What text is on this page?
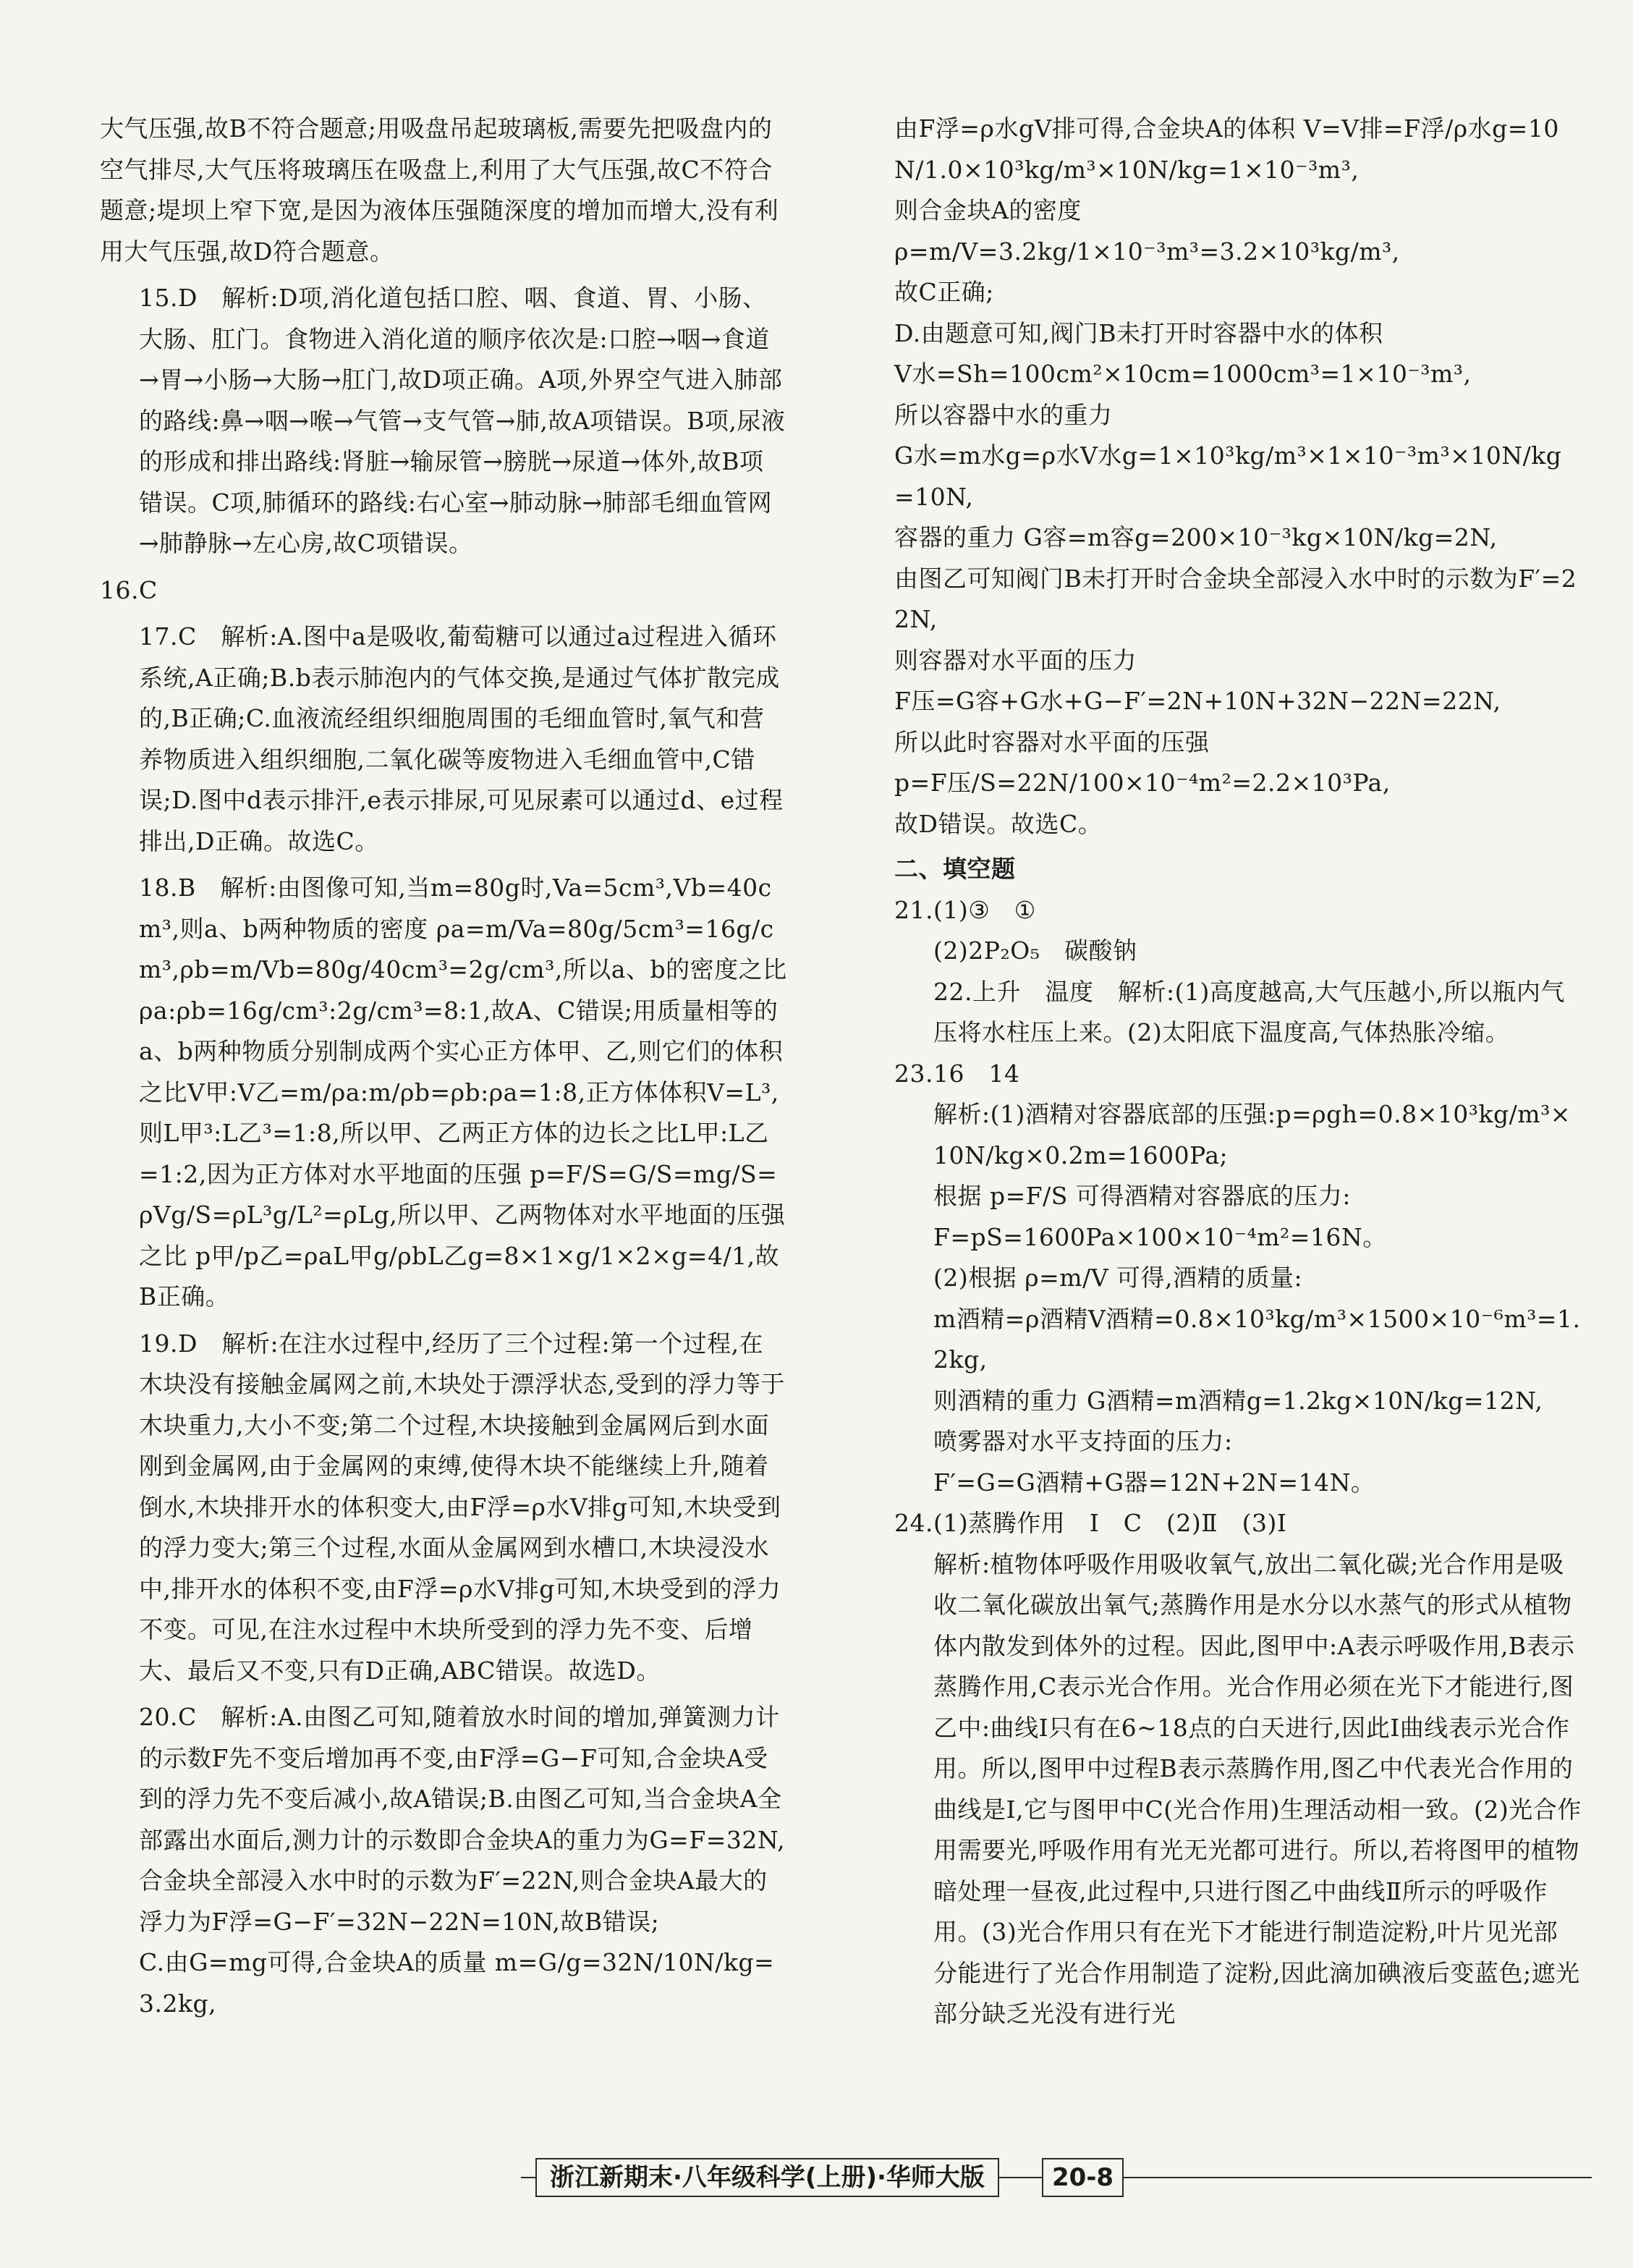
大气压强,故B不符合题意;用吸盘吊起玻璃板,需要先把吸盘内的空气排尽,大气压将玻璃压在吸盘上,利用了大气压强,故C不符合题意;堤坝上窄下宽,是因为液体压强随深度的增加而增大,没有利用大气压强,故D符合题意。

15.D　解析:D项,消化道包括口腔、咽、食道、胃、小肠、大肠、肛门。食物进入消化道的顺序依次是:口腔→咽→食道→胃→小肠→大肠→肛门,故D项正确。A项,外界空气进入肺部的路线:鼻→咽→喉→气管→支气管→肺,故A项错误。B项,尿液的形成和排出路线:肾脏→输尿管→膀胱→尿道→体外,故B项错误。C项,肺循环的路线:右心室→肺动脉→肺部毛细血管网→肺静脉→左心房,故C项错误。

16.C

17.C　解析:A.图中a是吸收,葡萄糖可以通过a过程进入循环系统,A正确;B.b表示肺泡内的气体交换,是通过气体扩散完成的,B正确;C.血液流经组织细胞周围的毛细血管时,氧气和营养物质进入组织细胞,二氧化碳等废物进入毛细血管中,C错误;D.图中d表示排汗,e表示排尿,可见尿素可以通过d、e过程排出,D正确。故选C。

18.B　解析:由图像可知,当m=80g时,Va=5cm³,Vb=40cm³,则a、b两种物质的密度 ρa=m/Va=80g/5cm³=16g/cm³,ρb=m/Vb=80g/40cm³=2g/cm³,所以a、b的密度之比ρa:ρb=16g/cm³:2g/cm³=8:1,故A、C错误;用质量相等的a、b两种物质分别制成两个实心正方体甲、乙,则它们的体积之比V甲:V乙=m/ρa:m/ρb=ρb:ρa=1:8,正方体体积V=L³,则L甲³:L乙³=1:8,所以甲、乙两正方体的边长之比L甲:L乙=1:2,因为正方体对水平地面的压强 p=F/S=G/S=mg/S=ρVg/S=ρL³g/L²=ρLg,所以甲、乙两物体对水平地面的压强之比 p甲/p乙=ρaL甲g/ρbL乙g=8×1×g/1×2×g=4/1,故B正确。

19.D　解析:在注水过程中,经历了三个过程:第一个过程,在木块没有接触金属网之前,木块处于漂浮状态,受到的浮力等于木块重力,大小不变;第二个过程,木块接触到金属网后到水面刚到金属网,由于金属网的束缚,使得木块不能继续上升,随着倒水,木块排开水的体积变大,由F浮=ρ水V排g可知,木块受到的浮力变大;第三个过程,水面从金属网到水槽口,木块浸没水中,排开水的体积不变,由F浮=ρ水V排g可知,木块受到的浮力不变。可见,在注水过程中木块所受到的浮力先不变、后增大、最后又不变,只有D正确,ABC错误。故选D。

20.C　解析:A.由图乙可知,随着放水时间的增加,弹簧测力计的示数F先不变后增加再不变,由F浮=G−F可知,合金块A受到的浮力先不变后减小,故A错误;B.由图乙可知,当合金块A全部露出水面后,测力计的示数即合金块A的重力为G=F=32N,合金块全部浸入水中时的示数为F′=22N,则合金块A最大的浮力为F浮=G−F′=32N−22N=10N,故B错误;

C.由G=mg可得,合金块A的质量 m=G/g=32N/10N/kg=3.2kg,

由F浮=ρ水gV排可得,合金块A的体积 V=V排=F浮/ρ水g=10N/1.0×10³kg/m³×10N/kg=1×10⁻³m³,

则合金块A的密度

ρ=m/V=3.2kg/1×10⁻³m³=3.2×10³kg/m³,

故C正确;

D.由题意可知,阀门B未打开时容器中水的体积

V水=Sh=100cm²×10cm=1000cm³=1×10⁻³m³,

所以容器中水的重力

G水=m水g=ρ水V水g=1×10³kg/m³×1×10⁻³m³×10N/kg=10N,

容器的重力 G容=m容g=200×10⁻³kg×10N/kg=2N,

由图乙可知阀门B未打开时合金块全部浸入水中时的示数为F′=22N,

则容器对水平面的压力

F压=G容+G水+G−F′=2N+10N+32N−22N=22N,

所以此时容器对水平面的压强

p=F压/S=22N/100×10⁻⁴m²=2.2×10³Pa,

故D错误。故选C。

二、填空题

21.(1)③　①

(2)2P₂O₅　碳酸钠

22.上升　温度　解析:(1)高度越高,大气压越小,所以瓶内气压将水柱压上来。(2)太阳底下温度高,气体热胀冷缩。

23.16　14

解析:(1)酒精对容器底部的压强:p=ρgh=0.8×10³kg/m³×10N/kg×0.2m=1600Pa;

根据 p=F/S 可得酒精对容器底的压力:

F=pS=1600Pa×100×10⁻⁴m²=16N。

(2)根据 ρ=m/V 可得,酒精的质量:

m酒精=ρ酒精V酒精=0.8×10³kg/m³×1500×10⁻⁶m³=1.2kg,

则酒精的重力 G酒精=m酒精g=1.2kg×10N/kg=12N,

喷雾器对水平支持面的压力:

F′=G=G酒精+G器=12N+2N=14N。

24.(1)蒸腾作用　Ⅰ　C　(2)Ⅱ　(3)Ⅰ

解析:植物体呼吸作用吸收氧气,放出二氧化碳;光合作用是吸收二氧化碳放出氧气;蒸腾作用是水分以水蒸气的形式从植物体内散发到体外的过程。因此,图甲中:A表示呼吸作用,B表示蒸腾作用,C表示光合作用。光合作用必须在光下才能进行,图乙中:曲线Ⅰ只有在6~18点的白天进行,因此Ⅰ曲线表示光合作用。所以,图甲中过程B表示蒸腾作用,图乙中代表光合作用的曲线是Ⅰ,它与图甲中C(光合作用)生理活动相一致。(2)光合作用需要光,呼吸作用有光无光都可进行。所以,若将图甲的植物暗处理一昼夜,此过程中,只进行图乙中曲线Ⅱ所示的呼吸作用。(3)光合作用只有在光下才能进行制造淀粉,叶片见光部分能进行了光合作用制造了淀粉,因此滴加碘液后变蓝色;遮光部分缺乏光没有进行光

浙江新期末·八年级科学(上册)·华师大版	20-8
